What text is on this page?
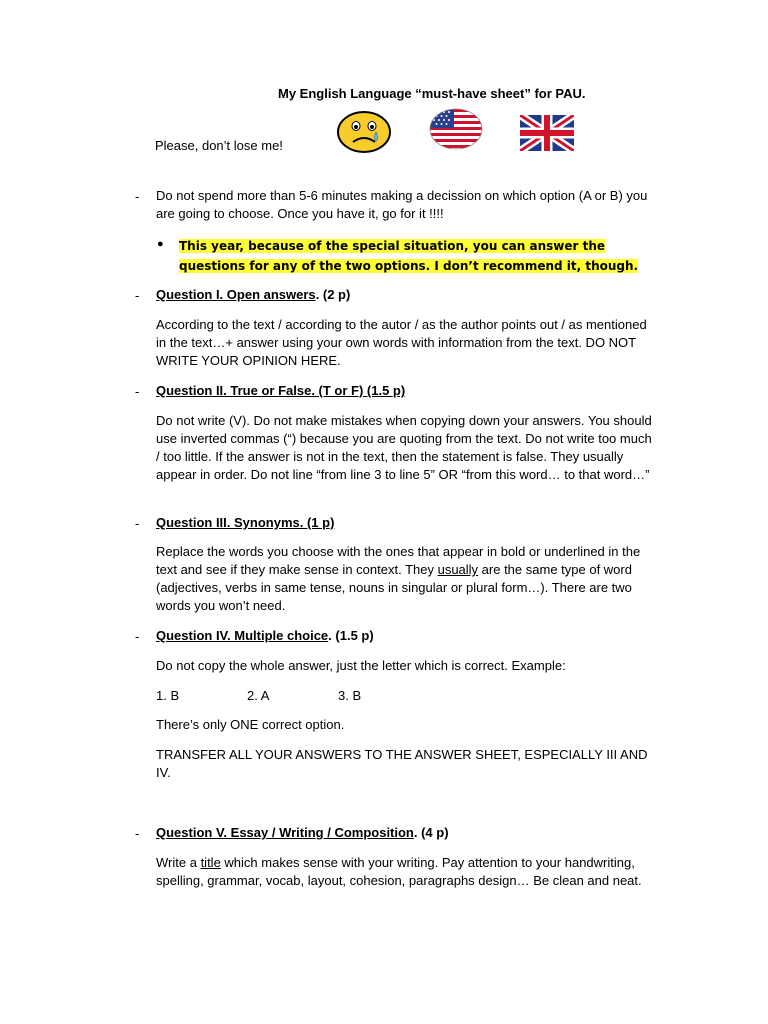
My English Language “must-have sheet” for PAU.
Please, don’t lose me!
- Do not spend more than 5-6 minutes making a decission on which option (A or B) you are going to choose. Once you have it, go for it !!!!

● This year, because of the special situation, you can answer the questions for any of the two options. I don’t recommend it, though.
- Question I. Open answers. (2 p)

According to the text / according to the autor / as the author points out / as mentioned in the text…+ answer using your own words with information from the text. DO NOT WRITE YOUR OPINION HERE.

- Question II. True or False. (T or F) (1.5 p)

Do not write (V). Do not make mistakes when copying down your answers. You should use inverted commas (“) because you are quoting from the text. Do not write too much / too little. If the answer is not in the text, then the statement is false. They usually appear in order. Do not line “from line 3 to line 5” OR “from this word… to that word…”

- Question III. Synonyms. (1 p)

Replace the words you choose with the ones that appear in bold or underlined in the text and see if they make sense in context. They usually are the same type of word (adjectives, verbs in same tense, nouns in singular or plural form…). There are two words you won’t need.

- Question IV. Multiple choice. (1.5 p)

Do not copy the whole answer, just the letter which is correct. Example:

1. B	2. A	3. B

There’s only ONE correct option.

TRANSFER ALL YOUR ANSWERS TO THE ANSWER SHEET, ESPECIALLY III AND IV.

- Question V. Essay / Writing / Composition. (4 p)

Write a title which makes sense with your writing. Pay attention to your handwriting, spelling, grammar, vocab, layout, cohesion, paragraphs design… Be clean and neat.
